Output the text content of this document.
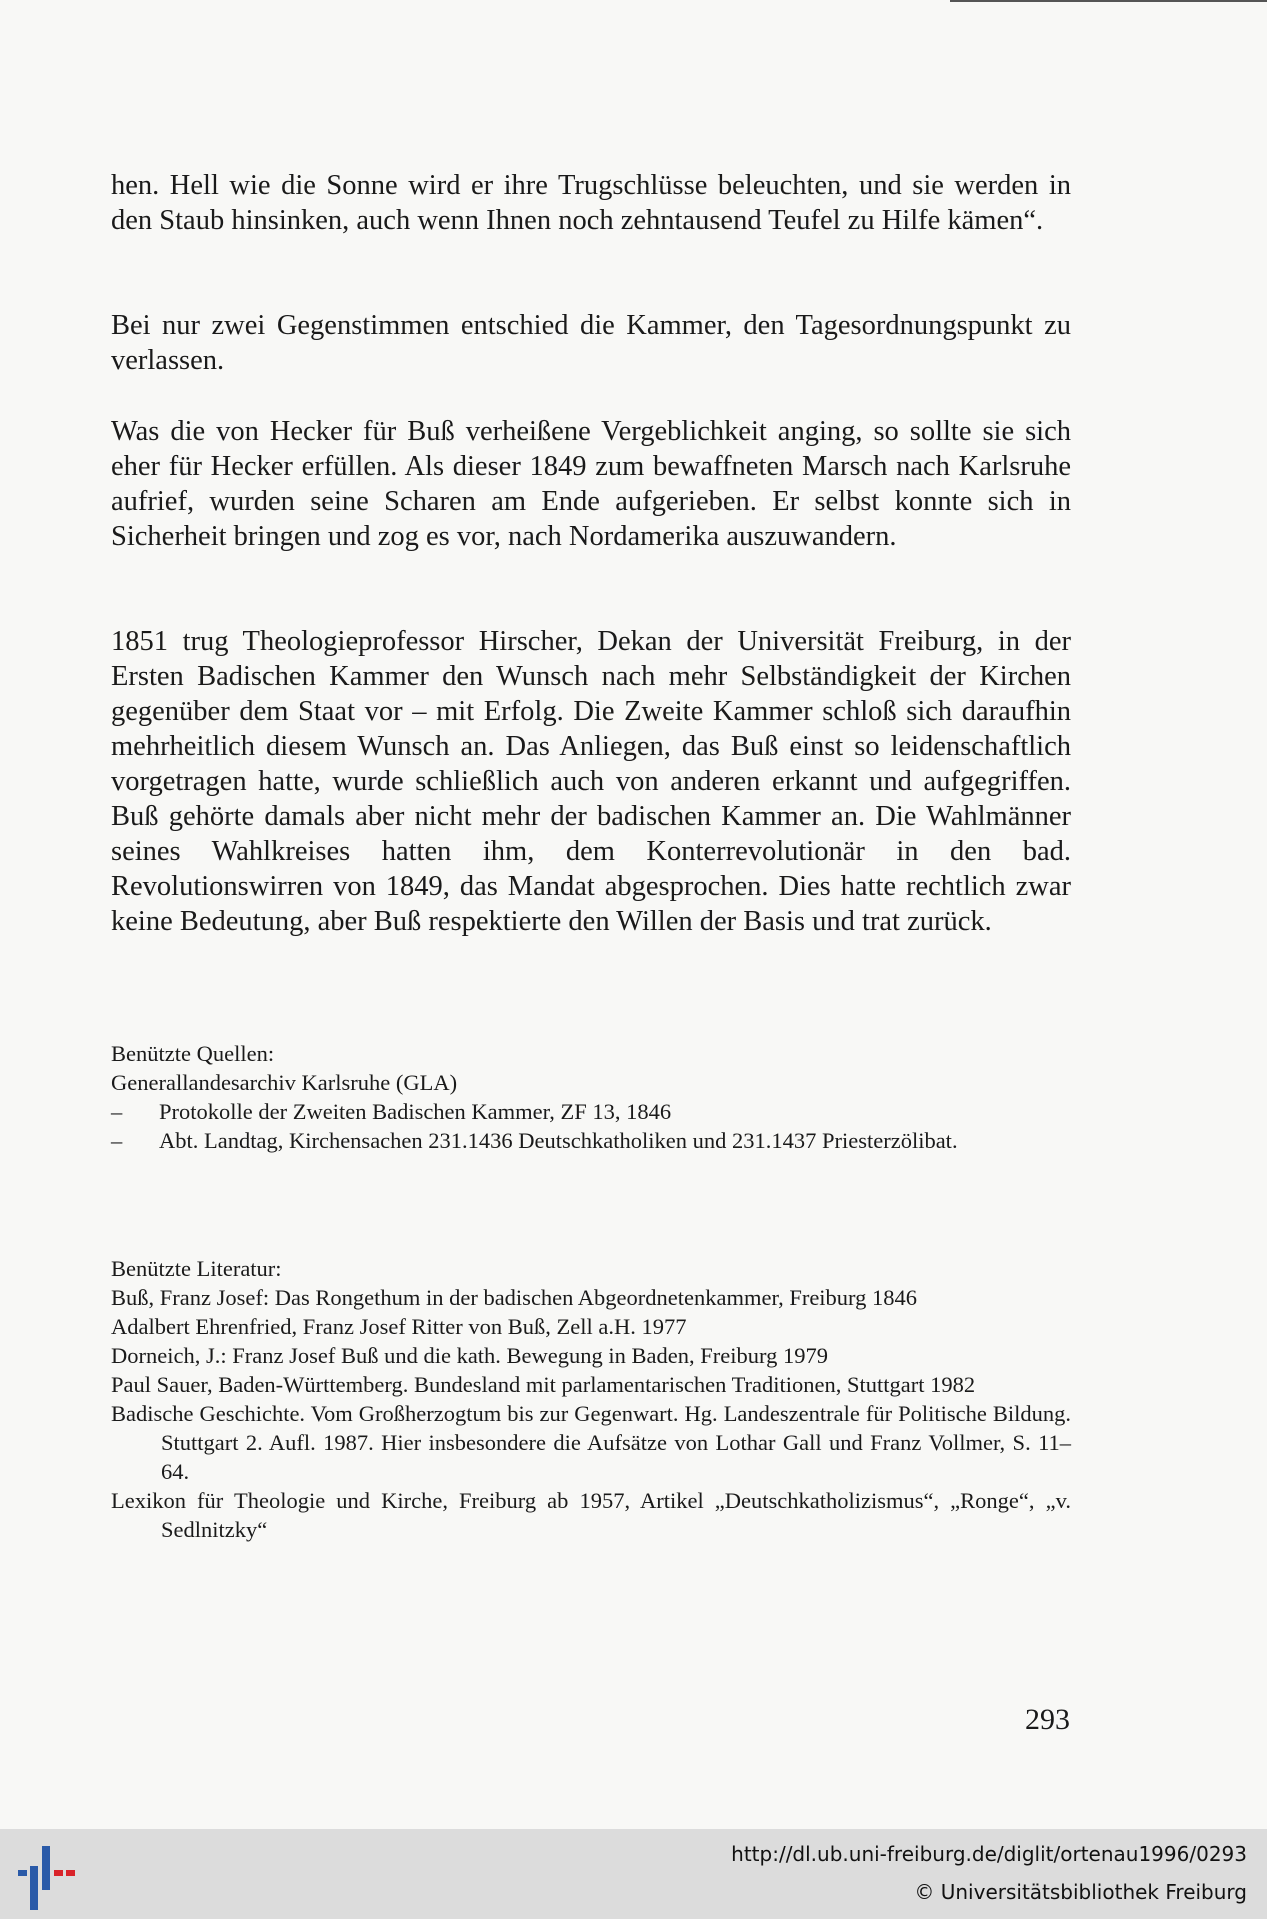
hen. Hell wie die Sonne wird er ihre Trugschlüsse beleuchten, und sie werden in den Staub hinsinken, auch wenn Ihnen noch zehntausend Teufel zu Hilfe kämen“.

Bei nur zwei Gegenstimmen entschied die Kammer, den Tagesordnungspunkt zu verlassen.

Was die von Hecker für Buß verheißene Vergeblichkeit anging, so sollte sie sich eher für Hecker erfüllen. Als dieser 1849 zum bewaffneten Marsch nach Karlsruhe aufrief, wurden seine Scharen am Ende aufgerieben. Er selbst konnte sich in Sicherheit bringen und zog es vor, nach Nordamerika auszuwandern.

1851 trug Theologieprofessor Hirscher, Dekan der Universität Freiburg, in der Ersten Badischen Kammer den Wunsch nach mehr Selbständigkeit der Kirchen gegenüber dem Staat vor – mit Erfolg. Die Zweite Kammer schloß sich daraufhin mehrheitlich diesem Wunsch an. Das Anliegen, das Buß einst so leidenschaftlich vorgetragen hatte, wurde schließlich auch von anderen erkannt und aufgegriffen. Buß gehörte damals aber nicht mehr der badischen Kammer an. Die Wahlmänner seines Wahlkreises hatten ihm, dem Konterrevolutionär in den bad. Revolutionswirren von 1849, das Mandat abgesprochen. Dies hatte rechtlich zwar keine Bedeutung, aber Buß respektierte den Willen der Basis und trat zurück.

Benützte Quellen:

Generallandesarchiv Karlsruhe (GLA)

–	Protokolle der Zweiten Badischen Kammer, ZF 13, 1846
–	Abt. Landtag, Kirchensachen 231.1436 Deutschkatholiken und 231.1437 Priesterzölibat.

Benützte Literatur:

Buß, Franz Josef: Das Rongethum in der badischen Abgeordnetenkammer, Freiburg 1846

Adalbert Ehrenfried, Franz Josef Ritter von Buß, Zell a.H. 1977

Dorneich, J.: Franz Josef Buß und die kath. Bewegung in Baden, Freiburg 1979

Paul Sauer, Baden-Württemberg. Bundesland mit parlamentarischen Traditionen, Stuttgart 1982

Badische Geschichte. Vom Großherzogtum bis zur Gegenwart. Hg. Landeszentrale für Politische Bildung. Stuttgart 2. Aufl. 1987. Hier insbesondere die Aufsätze von Lothar Gall und Franz Vollmer, S. 11–64.

Lexikon für Theologie und Kirche, Freiburg ab 1957, Artikel „Deutschkatholizismus“, „Ronge“, „v. Sedlnitzky“

293
http://dl.ub.uni-freiburg.de/diglit/ortenau1996/0293
© Universitätsbibliothek Freiburg
